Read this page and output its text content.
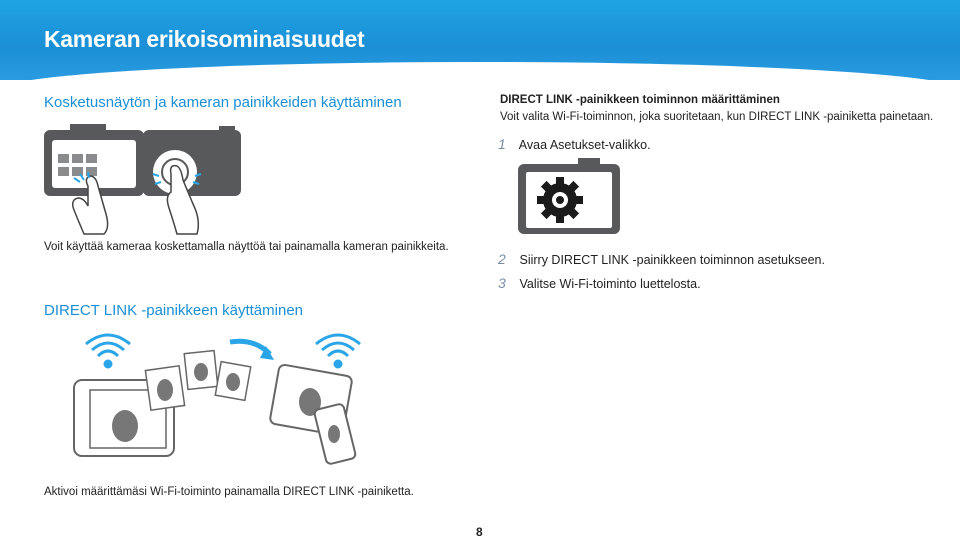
Kameran erikoisominaisuudet
Kosketusnäytön ja kameran painikkeiden käyttäminen
Voit käyttää kameraa koskettamalla näyttöä tai painamalla kameran painikkeita.
DIRECT LINK -painikkeen käyttäminen
Aktivoi määrittämäsi Wi-Fi-toiminto painamalla DIRECT LINK -painiketta.
DIRECT LINK -painikkeen toiminnon määrittäminen
Voit valita Wi-Fi-toiminnon, joka suoritetaan, kun DIRECT LINK -painiketta painetaan.
1 Avaa Asetukset-valikko.
2 Siirry DIRECT LINK -painikkeen toiminnon asetukseen.
3 Valitse Wi-Fi-toiminto luettelosta.
8
